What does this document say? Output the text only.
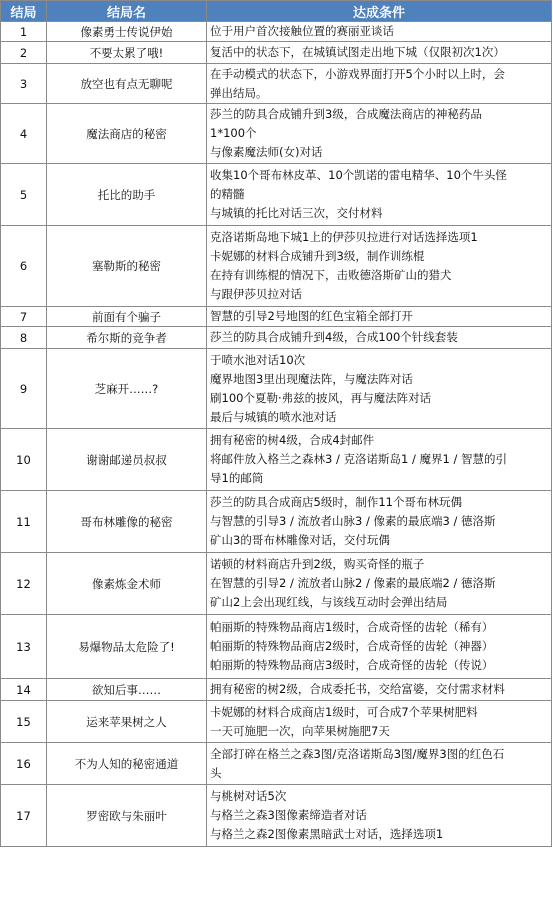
结局	结局名	达成条件
1	像素勇士传说伊始	位于用户首次接触位置的赛丽亚谈话

2	不要太累了哦!	复活中的状态下，在城镇试图走出地下城（仅限初次1次）

3	放空也有点无聊呢	在手动模式的状态下，小游戏界面打开5个小时以上时，会
弹出结局。

4	魔法商店的秘密	莎兰的防具合成铺升到3级，合成魔法商店的神秘药品
1*100个
与像素魔法师(女)对话

5	托比的助手	收集10个哥布林皮革、10个凯诺的雷电精华、10个牛头怪
的精髓
与城镇的托比对话三次，交付材料

6	塞勒斯的秘密	克洛诺斯岛地下城1上的伊莎贝拉进行对话选择选项1
卡妮娜的材料合成铺升到3级，制作训练棍
在持有训练棍的情况下，击败德洛斯矿山的猎犬
与跟伊莎贝拉对话

7	前面有个骗子	智慧的引导2号地图的红色宝箱全部打开

8	希尔斯的竞争者	莎兰的防具合成铺升到4级，合成100个针线套装

9	芝麻开……?	于喷水池对话10次
魔界地图3里出现魔法阵，与魔法阵对话
刷100个夏勒·弗兹的披风，再与魔法阵对话
最后与城镇的喷水池对话

10	谢谢邮递员叔叔	拥有秘密的树4级，合成4封邮件
将邮件放入格兰之森林3 / 克洛诺斯岛1 / 魔界1 / 智慧的引
导1的邮筒

11	哥布林雕像的秘密	莎兰的防具合成商店5级时，制作11个哥布林玩偶
与智慧的引导3 / 流放者山脉3 / 像素的最底端3 / 德洛斯
矿山3的哥布林雕像对话，交付玩偶

12	像素炼金术师	诺顿的材料商店升到2级，购买奇怪的瓶子
在智慧的引导2 / 流放者山脉2 / 像素的最底端2 / 德洛斯
矿山2上会出现红线，与该线互动时会弹出结局

13	易爆物品太危险了!	帕丽斯的特殊物品商店1级时，合成奇怪的齿轮（稀有）
帕丽斯的特殊物品商店2级时，合成奇怪的齿轮（神器）
帕丽斯的特殊物品商店3级时，合成奇怪的齿轮（传说）

14	欲知后事……	拥有秘密的树2级，合成委托书，交给富婆，交付需求材料

15	运来苹果树之人	卡妮娜的材料合成商店1级时，可合成7个苹果树肥料
一天可施肥一次，向苹果树施肥7天

16	不为人知的秘密通道	全部打碎在格兰之森3图/克洛诺斯岛3图/魔界3图的红色石
头

17	罗密欧与朱丽叶	与桃树对话5次
与格兰之森3图像素缔造者对话
与格兰之森2图像素黑暗武士对话，选择选项1
